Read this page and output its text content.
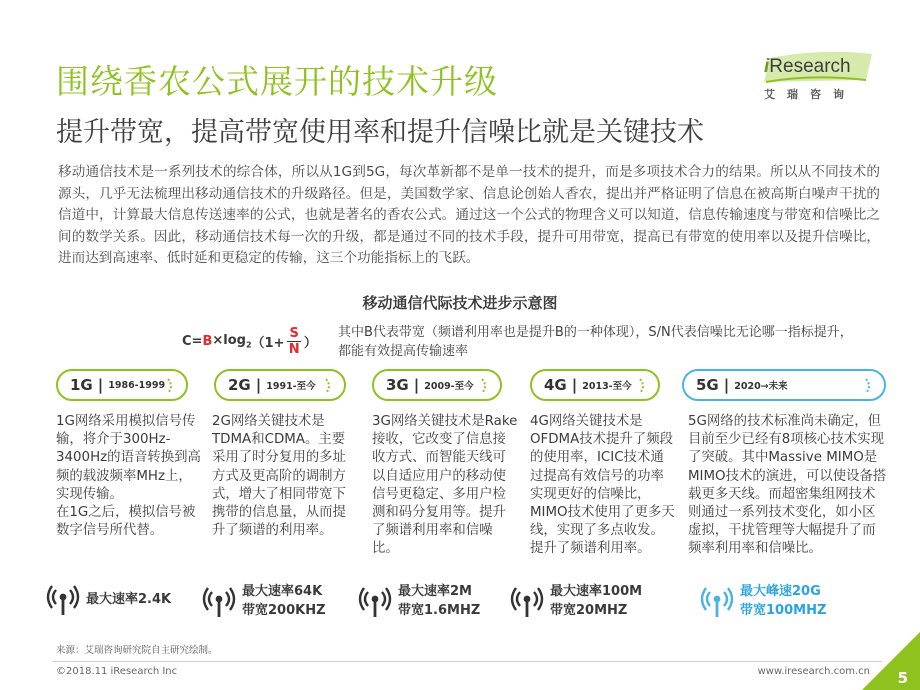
围绕香农公式展开的技术升级	iResearch
艾瑞咨询
提升带宽，提高带宽使用率和提升信噪比就是关键技术
移动通信技术是一系列技术的综合体，所以从1G到5G，每次革新都不是单一技术的提升，而是多项技术合力的结果。所以从不同技术的源头，几乎无法梳理出移动通信技术的升级路径。但是，美国数学家、信息论创始人香农，提出并严格证明了信息在被高斯白噪声干扰的信道中，计算最大信息传送速率的公式，也就是著名的香农公式。通过这一个公式的物理含义可以知道，信息传输速度与带宽和信噪比之间的数学关系。因此，移动通信技术每一次的升级，都是通过不同的技术手段，提升可用带宽，提高已有带宽的使用率以及提升信噪比，进而达到高速率、低时延和更稳定的传输，这三个功能指标上的飞跃。
移动通信代际技术进步示意图
$C= B \times\log_2$ （$1+ \frac{S}{N}$ ）
其中B代表带宽（频谱利用率也是提升B的一种体现），S/N代表信噪比无论哪一指标提升，都能有效提高传输速率
1G | 1986-1999	2G | 1991-至今	3G | 2009-至今	4G | 2013-至今	5G | 2020→未来

1G网络采用模拟信号传输，将介于300Hz-3400Hz的语音转换到高频的载波频率MHz上，实现传输。

在1G之后，模拟信号被数字信号所代替。

2G网络关键技术是TDMA和CDMA。主要采用了时分复用的多址方式及更高阶的调制方式，增大了相同带宽下携带的信息量，从而提升了频谱的利用率。

3G网络关键技术是Rake接收，它改变了信息接收方式、而智能天线可以自适应用户的移动使信号更稳定、多用户检测和码分复用等。提升了频谱利用率和信噪比。

4G网络关键技术是OFDMA技术提升了频段的使用率，ICIC技术通过提高有效信号的功率实现更好的信噪比，MIMO技术使用了更多天线，实现了多点收发。提升了频谱利用率。

5G网络的技术标准尚未确定，但目前至少已经有8项核心技术实现了突破。其中Massive MIMO是MIMO技术的演进，可以使设备搭载更多天线。而超密集组网技术则通过一系列技术变化，如小区虚拟，干扰管理等大幅提升了而频率利用率和信噪比。

最大速率2.4K	最大速率64K
带宽200KHZ
最大速率2M
带宽1.6MHZ
最大速率100M
带宽20MHZ
最大峰速20G
带宽100MHZ
来源：艾瑞咨询研究院自主研究绘制。
©2018.11 iResearch Inc	www.iresearch.com.cn 5
